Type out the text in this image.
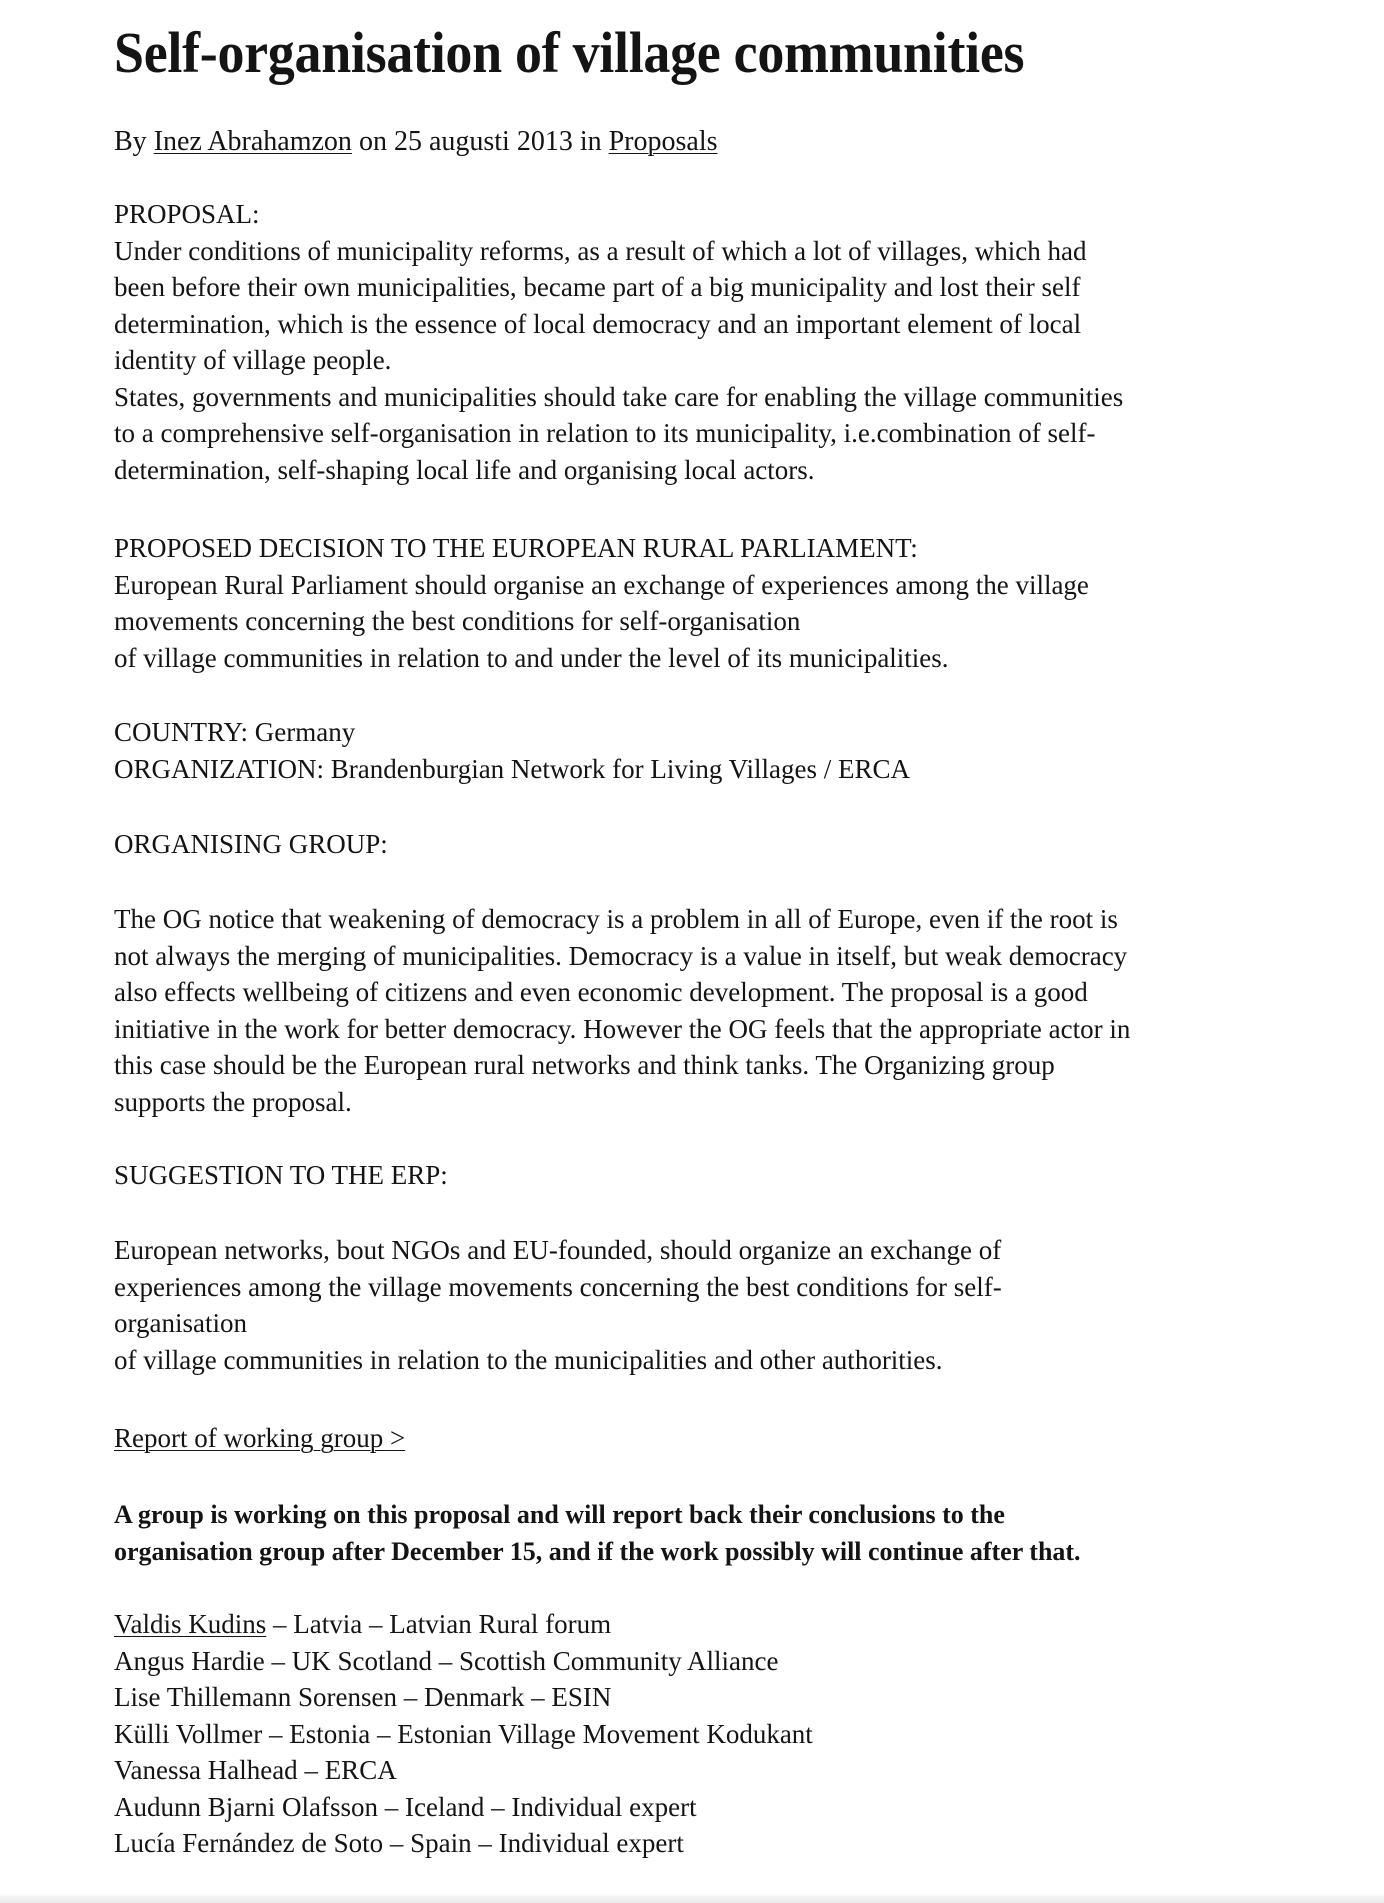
Self-organisation of village communities
By Inez Abrahamzon on 25 augusti 2013 in Proposals
PROPOSAL:
Under conditions of municipality reforms, as a result of which a lot of villages, which had
been before their own municipalities, became part of a big municipality and lost their self
determination, which is the essence of local democracy and an important element of local
identity of village people.
States, governments and municipalities should take care for enabling the village communities
to a comprehensive self-organisation in relation to its municipality, i.e.combination of self-
determination, self-shaping local life and organising local actors.
PROPOSED DECISION TO THE EUROPEAN RURAL PARLIAMENT:
European Rural Parliament should organise an exchange of experiences among the village
movements concerning the best conditions for self-organisation
of village communities in relation to and under the level of its municipalities.
COUNTRY: Germany
ORGANIZATION: Brandenburgian Network for Living Villages / ERCA
ORGANISING GROUP:
The OG notice that weakening of democracy is a problem in all of Europe, even if the root is
not always the merging of municipalities. Democracy is a value in itself, but weak democracy
also effects wellbeing of citizens and even economic development. The proposal is a good
initiative in the work for better democracy. However the OG feels that the appropriate actor in
this case should be the European rural networks and think tanks. The Organizing group
supports the proposal.
SUGGESTION TO THE ERP:
European networks, bout NGOs and EU-founded, should organize an exchange of
experiences among the village movements concerning the best conditions for self-
organisation
of village communities in relation to the municipalities and other authorities.
Report of working group >
A group is working on this proposal and will report back their conclusions to the
organisation group after December 15, and if the work possibly will continue after that.
Valdis Kudins – Latvia – Latvian Rural forum
Angus Hardie – UK Scotland – Scottish Community Alliance
Lise Thillemann Sorensen – Denmark – ESIN
Külli Vollmer – Estonia – Estonian Village Movement Kodukant
Vanessa Halhead – ERCA
Audunn Bjarni Olafsson – Iceland – Individual expert
Lucía Fernández de Soto – Spain – Individual expert
